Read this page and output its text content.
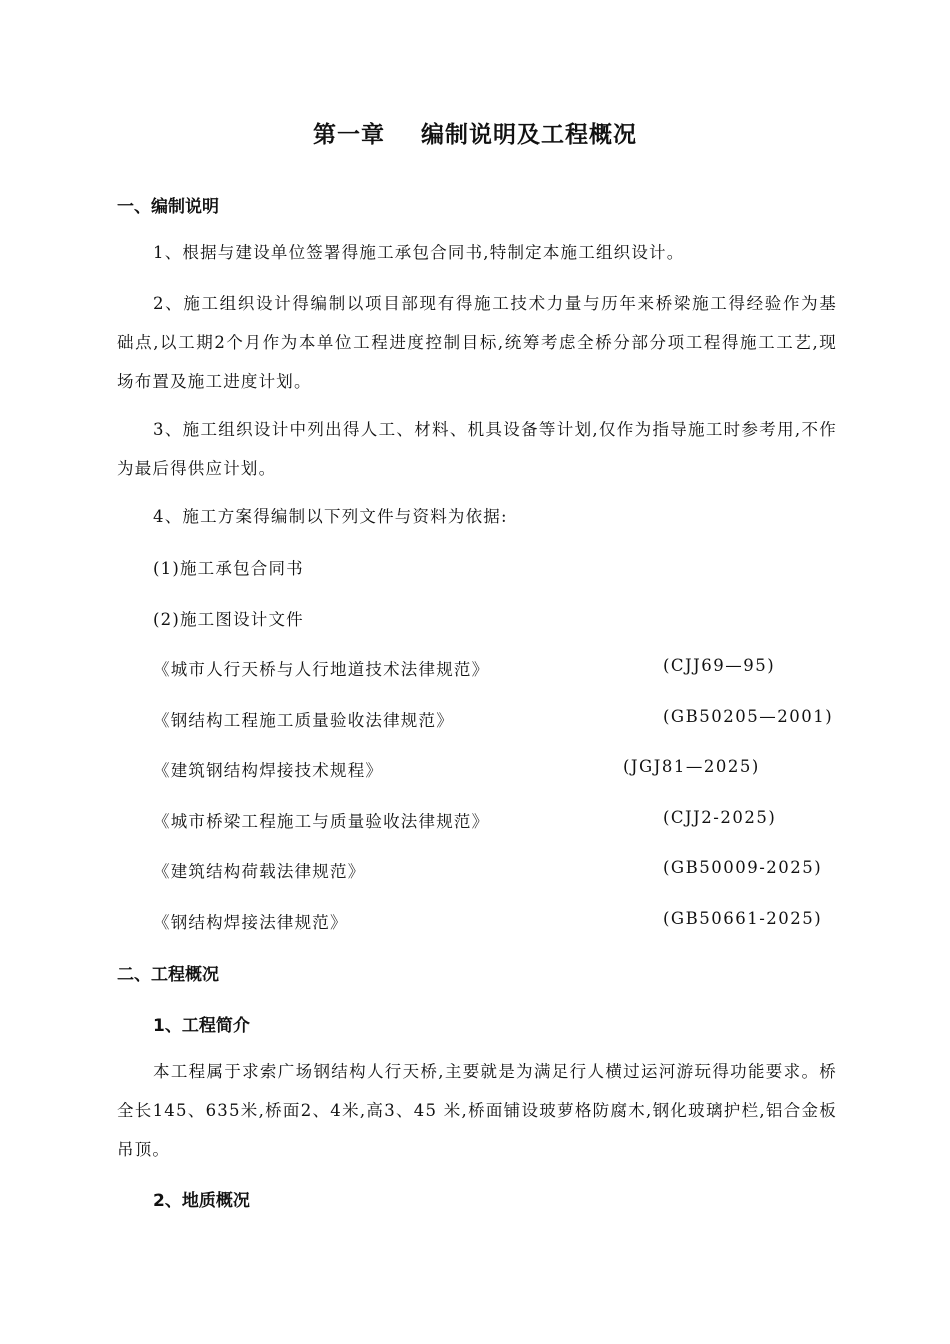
第一章    编制说明及工程概况
一、编制说明
1、根据与建设单位签署得施工承包合同书,特制定本施工组织设计。
2、施工组织设计得编制以项目部现有得施工技术力量与历年来桥梁施工得经验作为基础点,以工期2个月作为本单位工程进度控制目标,统筹考虑全桥分部分项工程得施工工艺,现场布置及施工进度计划。
3、施工组织设计中列出得人工、材料、机具设备等计划,仅作为指导施工时参考用,不作为最后得供应计划。
4、施工方案得编制以下列文件与资料为依据:
(1)施工承包合同书
(2)施工图设计文件
《城市人行天桥与人行地道技术法律规范》	(CJJ69—95)
《钢结构工程施工质量验收法律规范》	(GB50205—2001)
《建筑钢结构焊接技术规程》	(JGJ81—2025)
《城市桥梁工程施工与质量验收法律规范》	(CJJ2-2025)
《建筑结构荷载法律规范》	(GB50009-2025)
《钢结构焊接法律规范》	(GB50661-2025)
二、工程概况
1、工程简介
本工程属于求索广场钢结构人行天桥,主要就是为满足行人横过运河游玩得功能要求。桥全长145、635米,桥面2、4米,高3、45 米,桥面铺设玻萝格防腐木,钢化玻璃护栏,铝合金板吊顶。
2、地质概况
